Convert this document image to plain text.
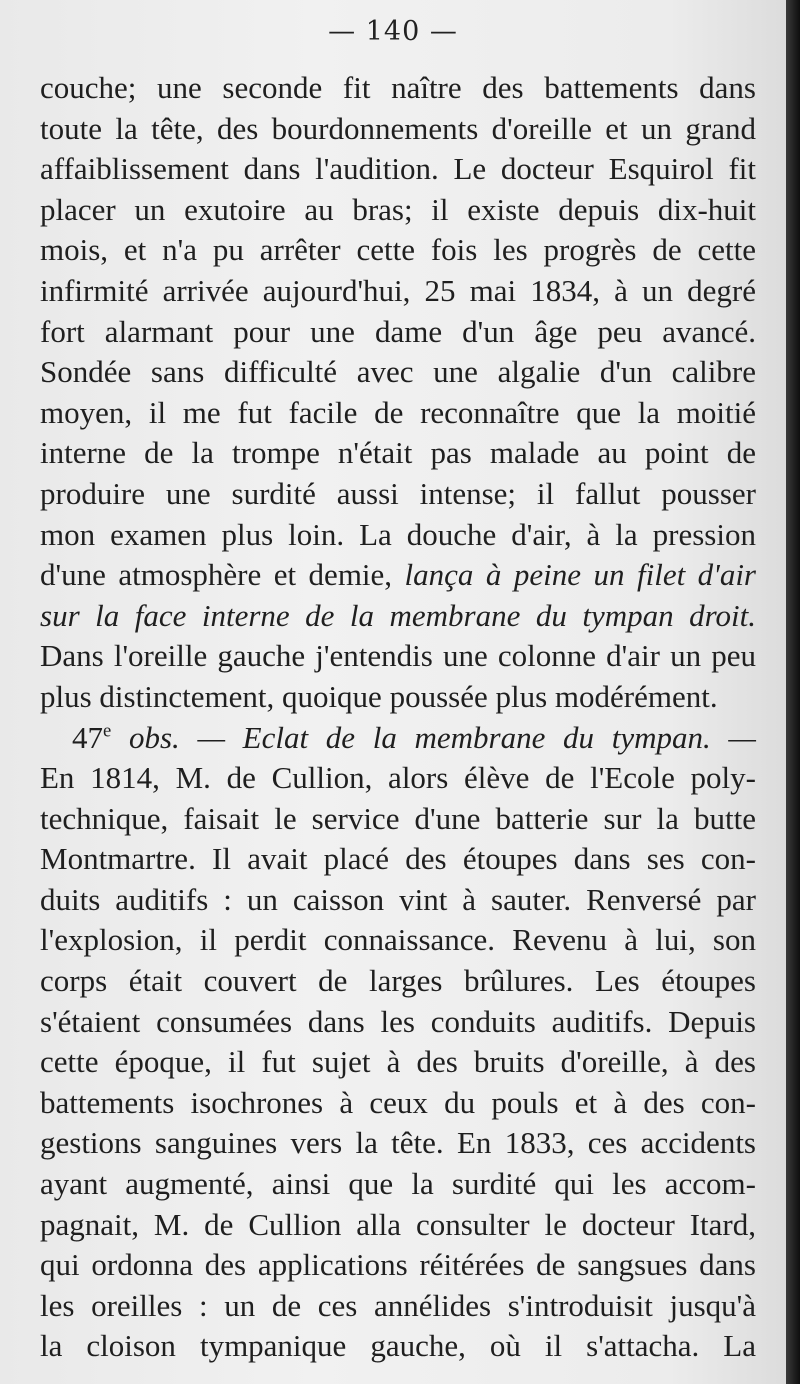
— 140 —
couche; une seconde fit naître des battements dans
toute la tête, des bourdonnements d'oreille et un grand
affaiblissement dans l'audition. Le docteur Esquirol fit
placer un exutoire au bras; il existe depuis dix-huit
mois, et n'a pu arrêter cette fois les progrès de cette
infirmité arrivée aujourd'hui, 25 mai 1834, à un degré
fort alarmant pour une dame d'un âge peu avancé.
Sondée sans difficulté avec une algalie d'un calibre
moyen, il me fut facile de reconnaître que la moitié
interne de la trompe n'était pas malade au point de
produire une surdité aussi intense; il fallut pousser
mon examen plus loin. La douche d'air, à la pression
d'une atmosphère et demie, lança à peine un filet d'air
sur la face interne de la membrane du tympan droit.
Dans l'oreille gauche j'entendis une colonne d'air un peu
plus distinctement, quoique poussée plus modérément.
47e obs. — Eclat de la membrane du tympan. —
En 1814, M. de Cullion, alors élève de l'Ecole poly-
technique, faisait le service d'une batterie sur la butte
Montmartre. Il avait placé des étoupes dans ses con-
duits auditifs : un caisson vint à sauter. Renversé par
l'explosion, il perdit connaissance. Revenu à lui, son
corps était couvert de larges brûlures. Les étoupes
s'étaient consumées dans les conduits auditifs. Depuis
cette époque, il fut sujet à des bruits d'oreille, à des
battements isochrones à ceux du pouls et à des con-
gestions sanguines vers la tête. En 1833, ces accidents
ayant augmenté, ainsi que la surdité qui les accom-
pagnait, M. de Cullion alla consulter le docteur Itard,
qui ordonna des applications réitérées de sangsues dans
les oreilles : un de ces annélides s'introduisit jusqu'à
la cloison tympanique gauche, où il s'attacha. La
